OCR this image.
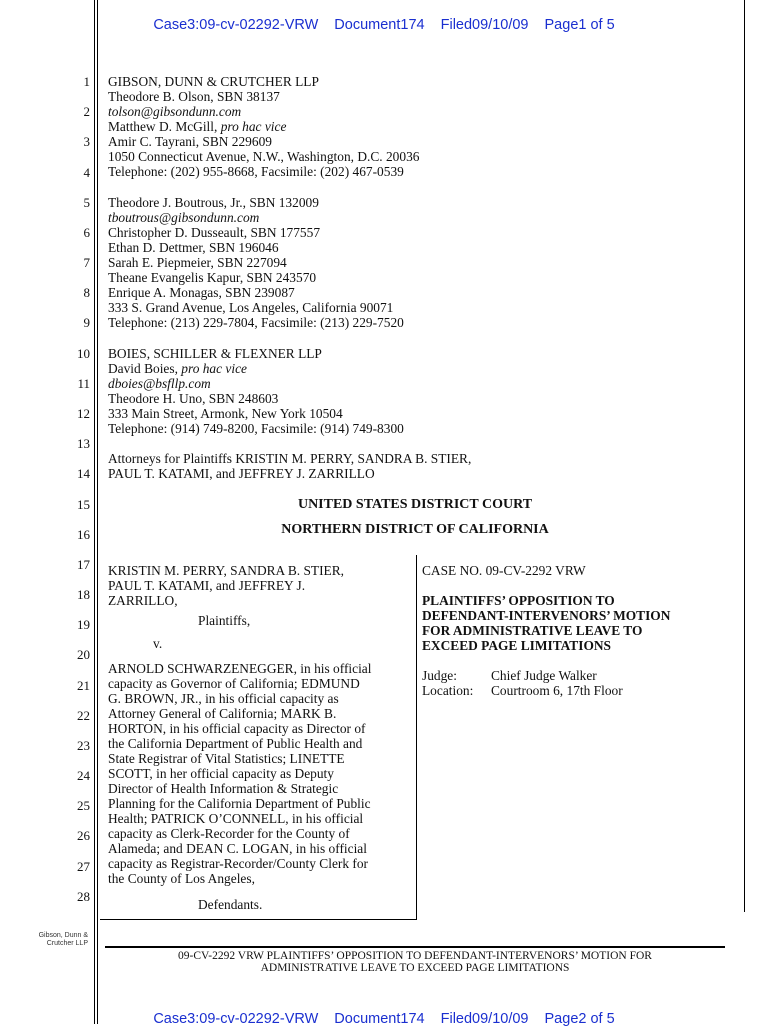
Case3:09-cv-02292-VRW Document174 Filed09/10/09 Page1 of 5
1
2
3
4
5
6
7
8
9
10
11
12
13
14
15
16
17
18
19
20
21
22
23
24
25
26
27
28
GIBSON, DUNN & CRUTCHER LLP
Theodore B. Olson, SBN 38137
tolson@gibsondunn.com
Matthew D. McGill, pro hac vice
Amir C. Tayrani, SBN 229609
1050 Connecticut Avenue, N.W., Washington, D.C. 20036
Telephone: (202) 955-8668, Facsimile: (202) 467-0539
Theodore J. Boutrous, Jr., SBN 132009
tboutrous@gibsondunn.com
Christopher D. Dusseault, SBN 177557
Ethan D. Dettmer, SBN 196046
Sarah E. Piepmeier, SBN 227094
Theane Evangelis Kapur, SBN 243570
Enrique A. Monagas, SBN 239087
333 S. Grand Avenue, Los Angeles, California 90071
Telephone: (213) 229-7804, Facsimile: (213) 229-7520
BOIES, SCHILLER & FLEXNER LLP
David Boies, pro hac vice
dboies@bsfllp.com
Theodore H. Uno, SBN 248603
333 Main Street, Armonk, New York 10504
Telephone: (914) 749-8200, Facsimile: (914) 749-8300
Attorneys for Plaintiffs KRISTIN M. PERRY, SANDRA B. STIER,
PAUL T. KATAMI, and JEFFREY J. ZARRILLO
UNITED STATES DISTRICT COURT
NORTHERN DISTRICT OF CALIFORNIA
KRISTIN M. PERRY, SANDRA B. STIER,
PAUL T. KATAMI, and JEFFREY J.
ZARRILLO,
Plaintiffs,
v.
ARNOLD SCHWARZENEGGER, in his official
capacity as Governor of California; EDMUND
G. BROWN, JR., in his official capacity as
Attorney General of California; MARK B.
HORTON, in his official capacity as Director of
the California Department of Public Health and
State Registrar of Vital Statistics; LINETTE
SCOTT, in her official capacity as Deputy
Director of Health Information & Strategic
Planning for the California Department of Public
Health; PATRICK O’CONNELL, in his official
capacity as Clerk-Recorder for the County of
Alameda; and DEAN C. LOGAN, in his official
capacity as Registrar-Recorder/County Clerk for
the County of Los Angeles,
Defendants.
CASE NO. 09-CV-2292 VRW
PLAINTIFFS’ OPPOSITION TO
DEFENDANT-INTERVENORS’ MOTION
FOR ADMINISTRATIVE LEAVE TO
EXCEED PAGE LIMITATIONS
Judge:	Chief Judge Walker
Location: Courtroom 6, 17th Floor
Gibson, Dunn &
Crutcher LLP
09-CV-2292 VRW PLAINTIFFS’ OPPOSITION TO DEFENDANT-INTERVENORS’ MOTION FOR
ADMINISTRATIVE LEAVE TO EXCEED PAGE LIMITATIONS
Case3:09-cv-02292-VRW Document174 Filed09/10/09 Page2 of 5
